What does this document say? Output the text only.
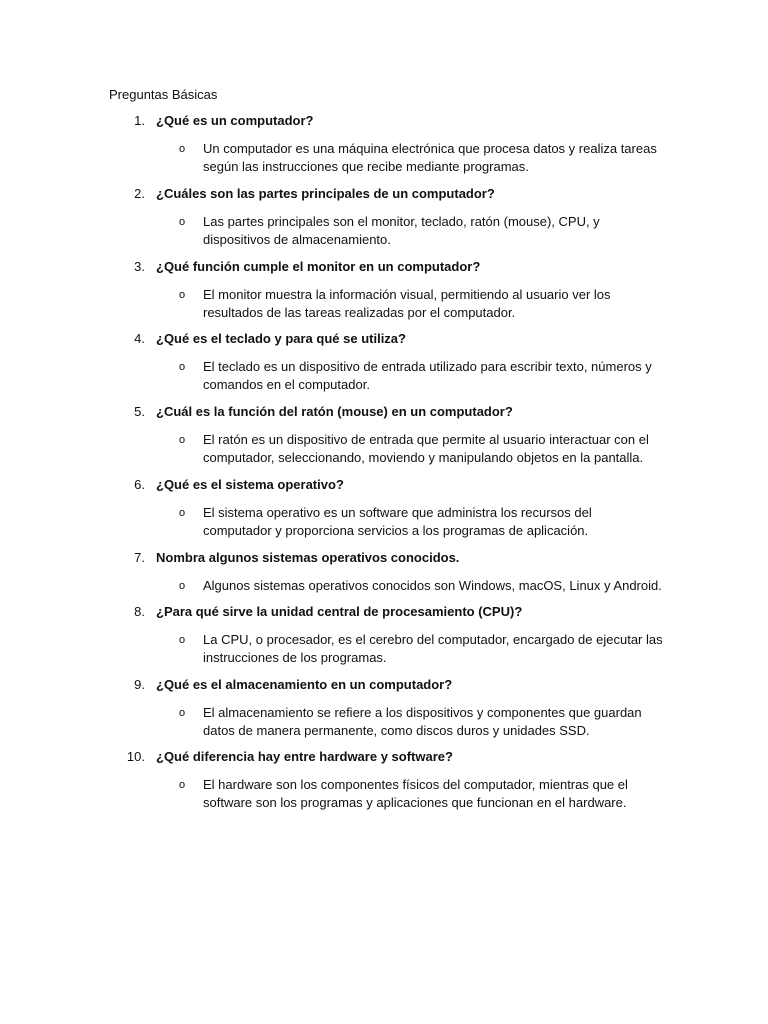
Preguntas Básicas
1. ¿Qué es un computador?
o Un computador es una máquina electrónica que procesa datos y realiza tareas
según las instrucciones que recibe mediante programas.
2. ¿Cuáles son las partes principales de un computador?
o Las partes principales son el monitor, teclado, ratón (mouse), CPU, y
dispositivos de almacenamiento.
3. ¿Qué función cumple el monitor en un computador?
o El monitor muestra la información visual, permitiendo al usuario ver los
resultados de las tareas realizadas por el computador.
4. ¿Qué es el teclado y para qué se utiliza?
o El teclado es un dispositivo de entrada utilizado para escribir texto, números y
comandos en el computador.
5. ¿Cuál es la función del ratón (mouse) en un computador?
o El ratón es un dispositivo de entrada que permite al usuario interactuar con el
computador, seleccionando, moviendo y manipulando objetos en la pantalla.
6. ¿Qué es el sistema operativo?
o El sistema operativo es un software que administra los recursos del
computador y proporciona servicios a los programas de aplicación.
7. Nombra algunos sistemas operativos conocidos.
o Algunos sistemas operativos conocidos son Windows, macOS, Linux y Android.
8. ¿Para qué sirve la unidad central de procesamiento (CPU)?
o La CPU, o procesador, es el cerebro del computador, encargado de ejecutar las
instrucciones de los programas.
9. ¿Qué es el almacenamiento en un computador?
o El almacenamiento se refiere a los dispositivos y componentes que guardan
datos de manera permanente, como discos duros y unidades SSD.
10. ¿Qué diferencia hay entre hardware y software?
o El hardware son los componentes físicos del computador, mientras que el
software son los programas y aplicaciones que funcionan en el hardware.
